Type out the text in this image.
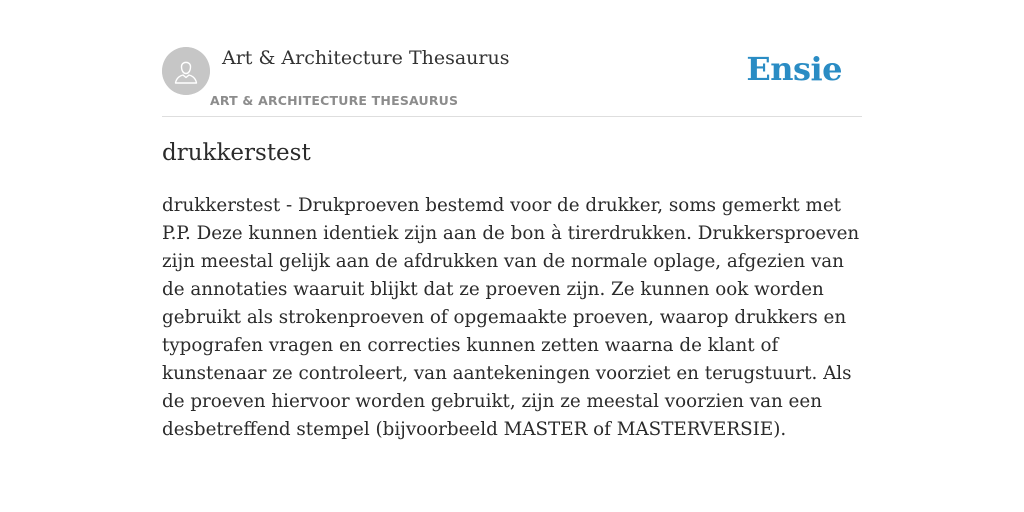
Art & Architecture Thesaurus
ART & ARCHITECTURE THESAURUS
Ensie
drukkerstest

drukkerstest - Drukproeven bestemd voor de drukker, soms gemerkt met P.P. Deze kunnen identiek zijn aan de bon à tirerdrukken. Drukkersproeven zijn meestal gelijk aan de afdrukken van de normale oplage, afgezien van de annotaties waaruit blijkt dat ze proeven zijn. Ze kunnen ook worden gebruikt als strokenproeven of opgemaakte proeven, waarop drukkers en typografen vragen en correcties kunnen zetten waarna de klant of kunstenaar ze controleert, van aantekeningen voorziet en terugstuurt. Als de proeven hiervoor worden gebruikt, zijn ze meestal voorzien van een desbetreffend stempel (bijvoorbeeld MASTER of MASTERVERSIE).
